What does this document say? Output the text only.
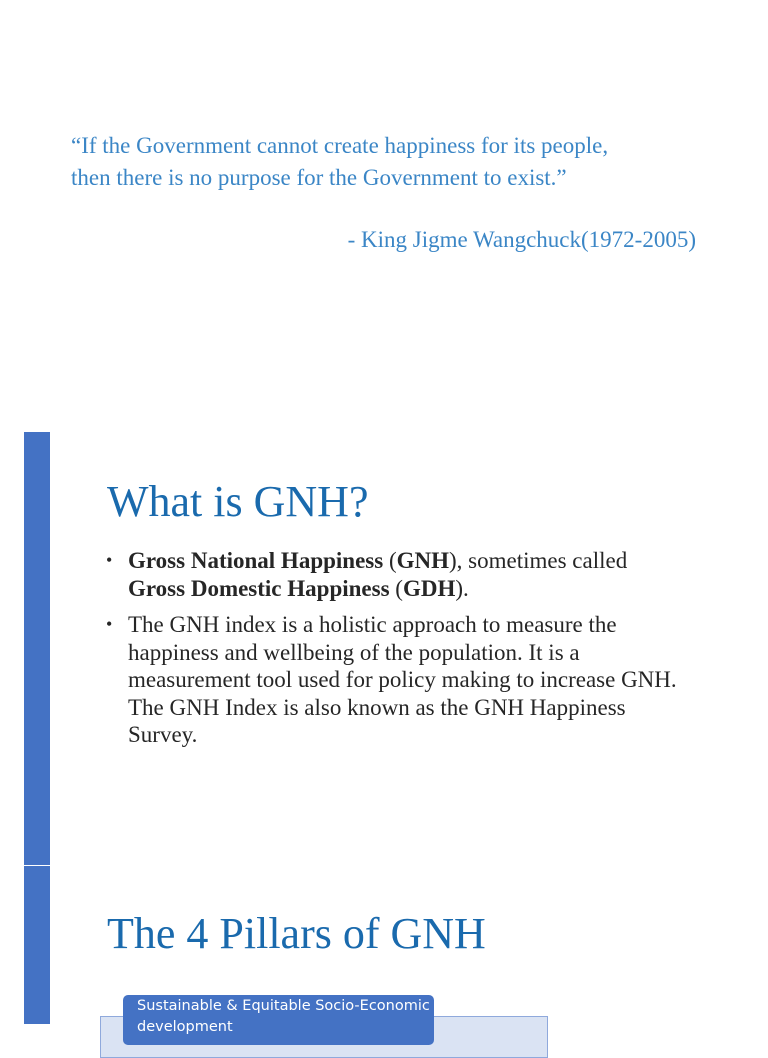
“If the Government cannot create happiness for its people,
then there is no purpose for the Government to exist.”

- King Jigme Wangchuck(1972-2005)

What is GNH?
• Gross National Happiness (GNH), sometimes called Gross Domestic Happiness (GDH).
• The GNH index is a holistic approach to measure the happiness and wellbeing of the population. It is a measurement tool used for policy making to increase GNH. The GNH Index is also known as the GNH Happiness Survey.
The 4 Pillars of GNH
Sustainable & Equitable Socio-Economic development
